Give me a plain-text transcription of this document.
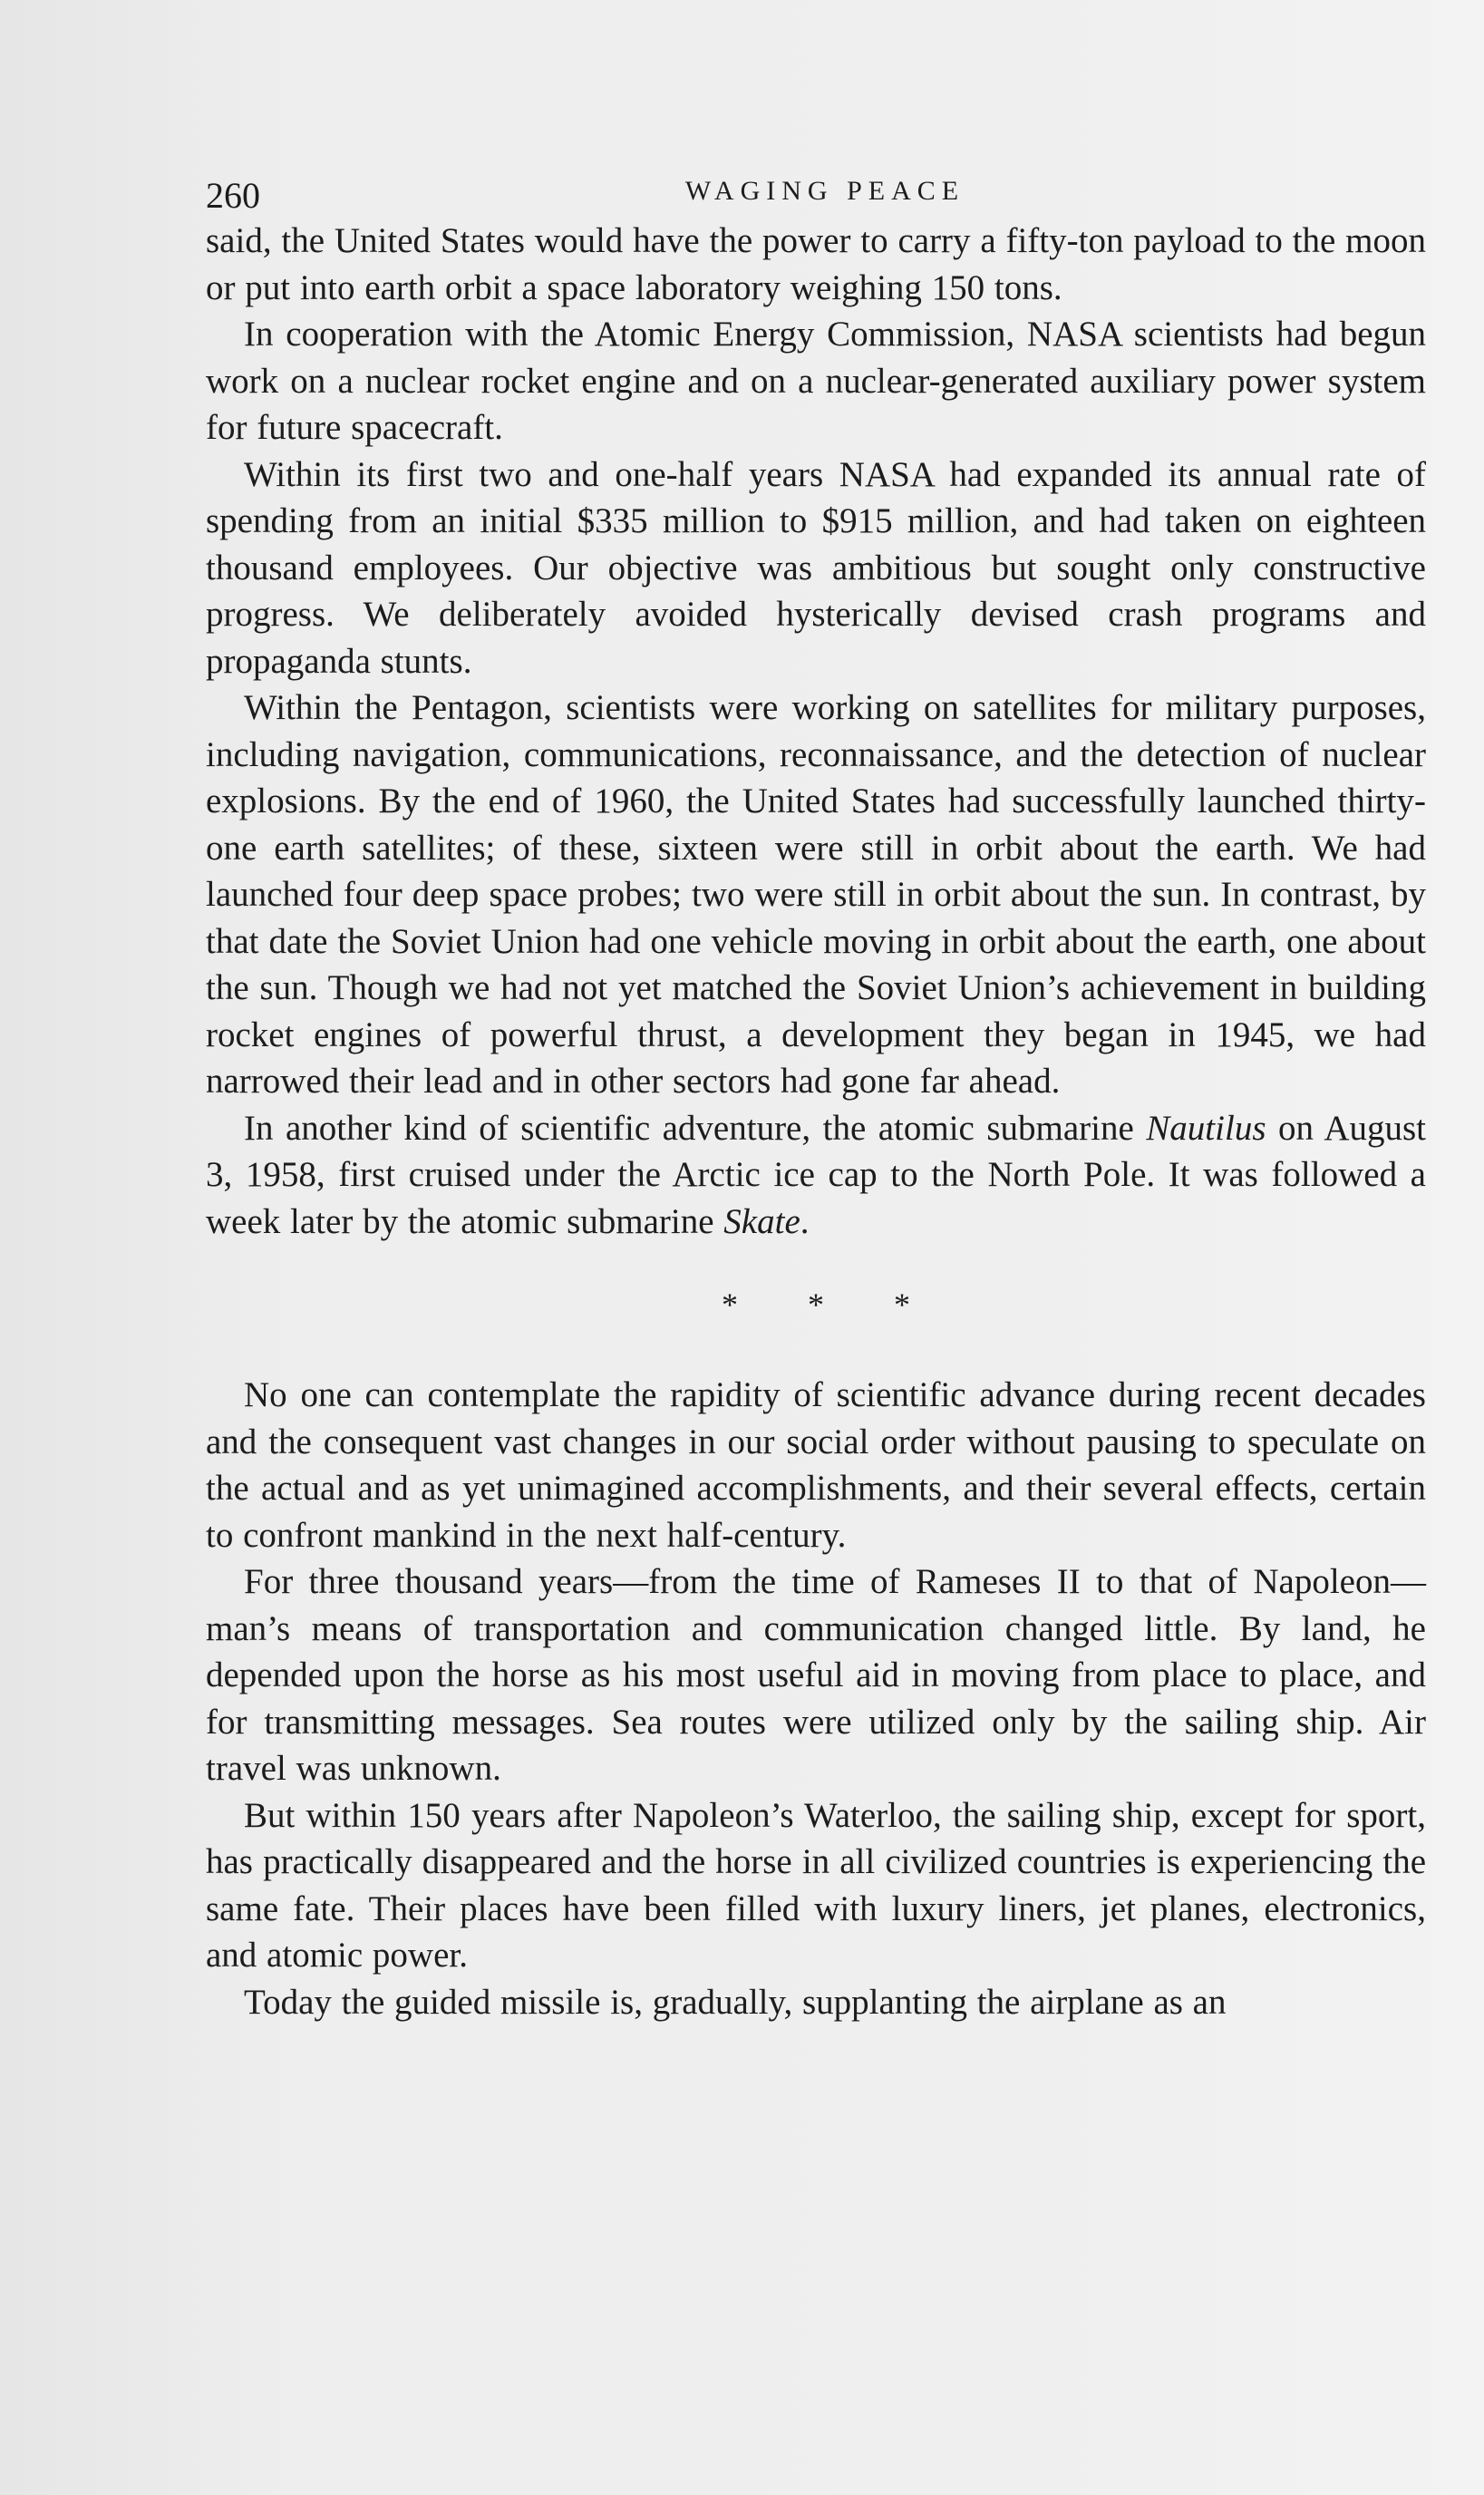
260	WAGING PEACE

said, the United States would have the power to carry a fifty-ton payload to the moon or put into earth orbit a space laboratory weighing 150 tons.

In cooperation with the Atomic Energy Commission, NASA scientists had begun work on a nuclear rocket engine and on a nuclear-generated auxiliary power system for future spacecraft.

Within its first two and one-half years NASA had expanded its annual rate of spending from an initial $335 million to $915 million, and had taken on eighteen thousand employees. Our objective was ambitious but sought only constructive progress. We deliberately avoided hysterically devised crash programs and propaganda stunts.

Within the Pentagon, scientists were working on satellites for military purposes, including navigation, communications, reconnaissance, and the detection of nuclear explosions. By the end of 1960, the United States had successfully launched thirty-one earth satellites; of these, sixteen were still in orbit about the earth. We had launched four deep space probes; two were still in orbit about the sun. In contrast, by that date the Soviet Union had one vehicle moving in orbit about the earth, one about the sun. Though we had not yet matched the Soviet Union’s achievement in building rocket engines of powerful thrust, a development they began in 1945, we had narrowed their lead and in other sectors had gone far ahead.

In another kind of scientific adventure, the atomic submarine Nautilus on August 3, 1958, first cruised under the Arctic ice cap to the North Pole. It was followed a week later by the atomic submarine Skate.

* * *

No one can contemplate the rapidity of scientific advance during recent decades and the consequent vast changes in our social order without pausing to speculate on the actual and as yet unimagined accomplishments, and their several effects, certain to confront mankind in the next half-century.

For three thousand years—from the time of Rameses II to that of Napoleon—man’s means of transportation and communication changed little. By land, he depended upon the horse as his most useful aid in moving from place to place, and for transmitting messages. Sea routes were utilized only by the sailing ship. Air travel was unknown.

But within 150 years after Napoleon’s Waterloo, the sailing ship, except for sport, has practically disappeared and the horse in all civilized countries is experiencing the same fate. Their places have been filled with luxury liners, jet planes, electronics, and atomic power.

Today the guided missile is, gradually, supplanting the airplane as an
